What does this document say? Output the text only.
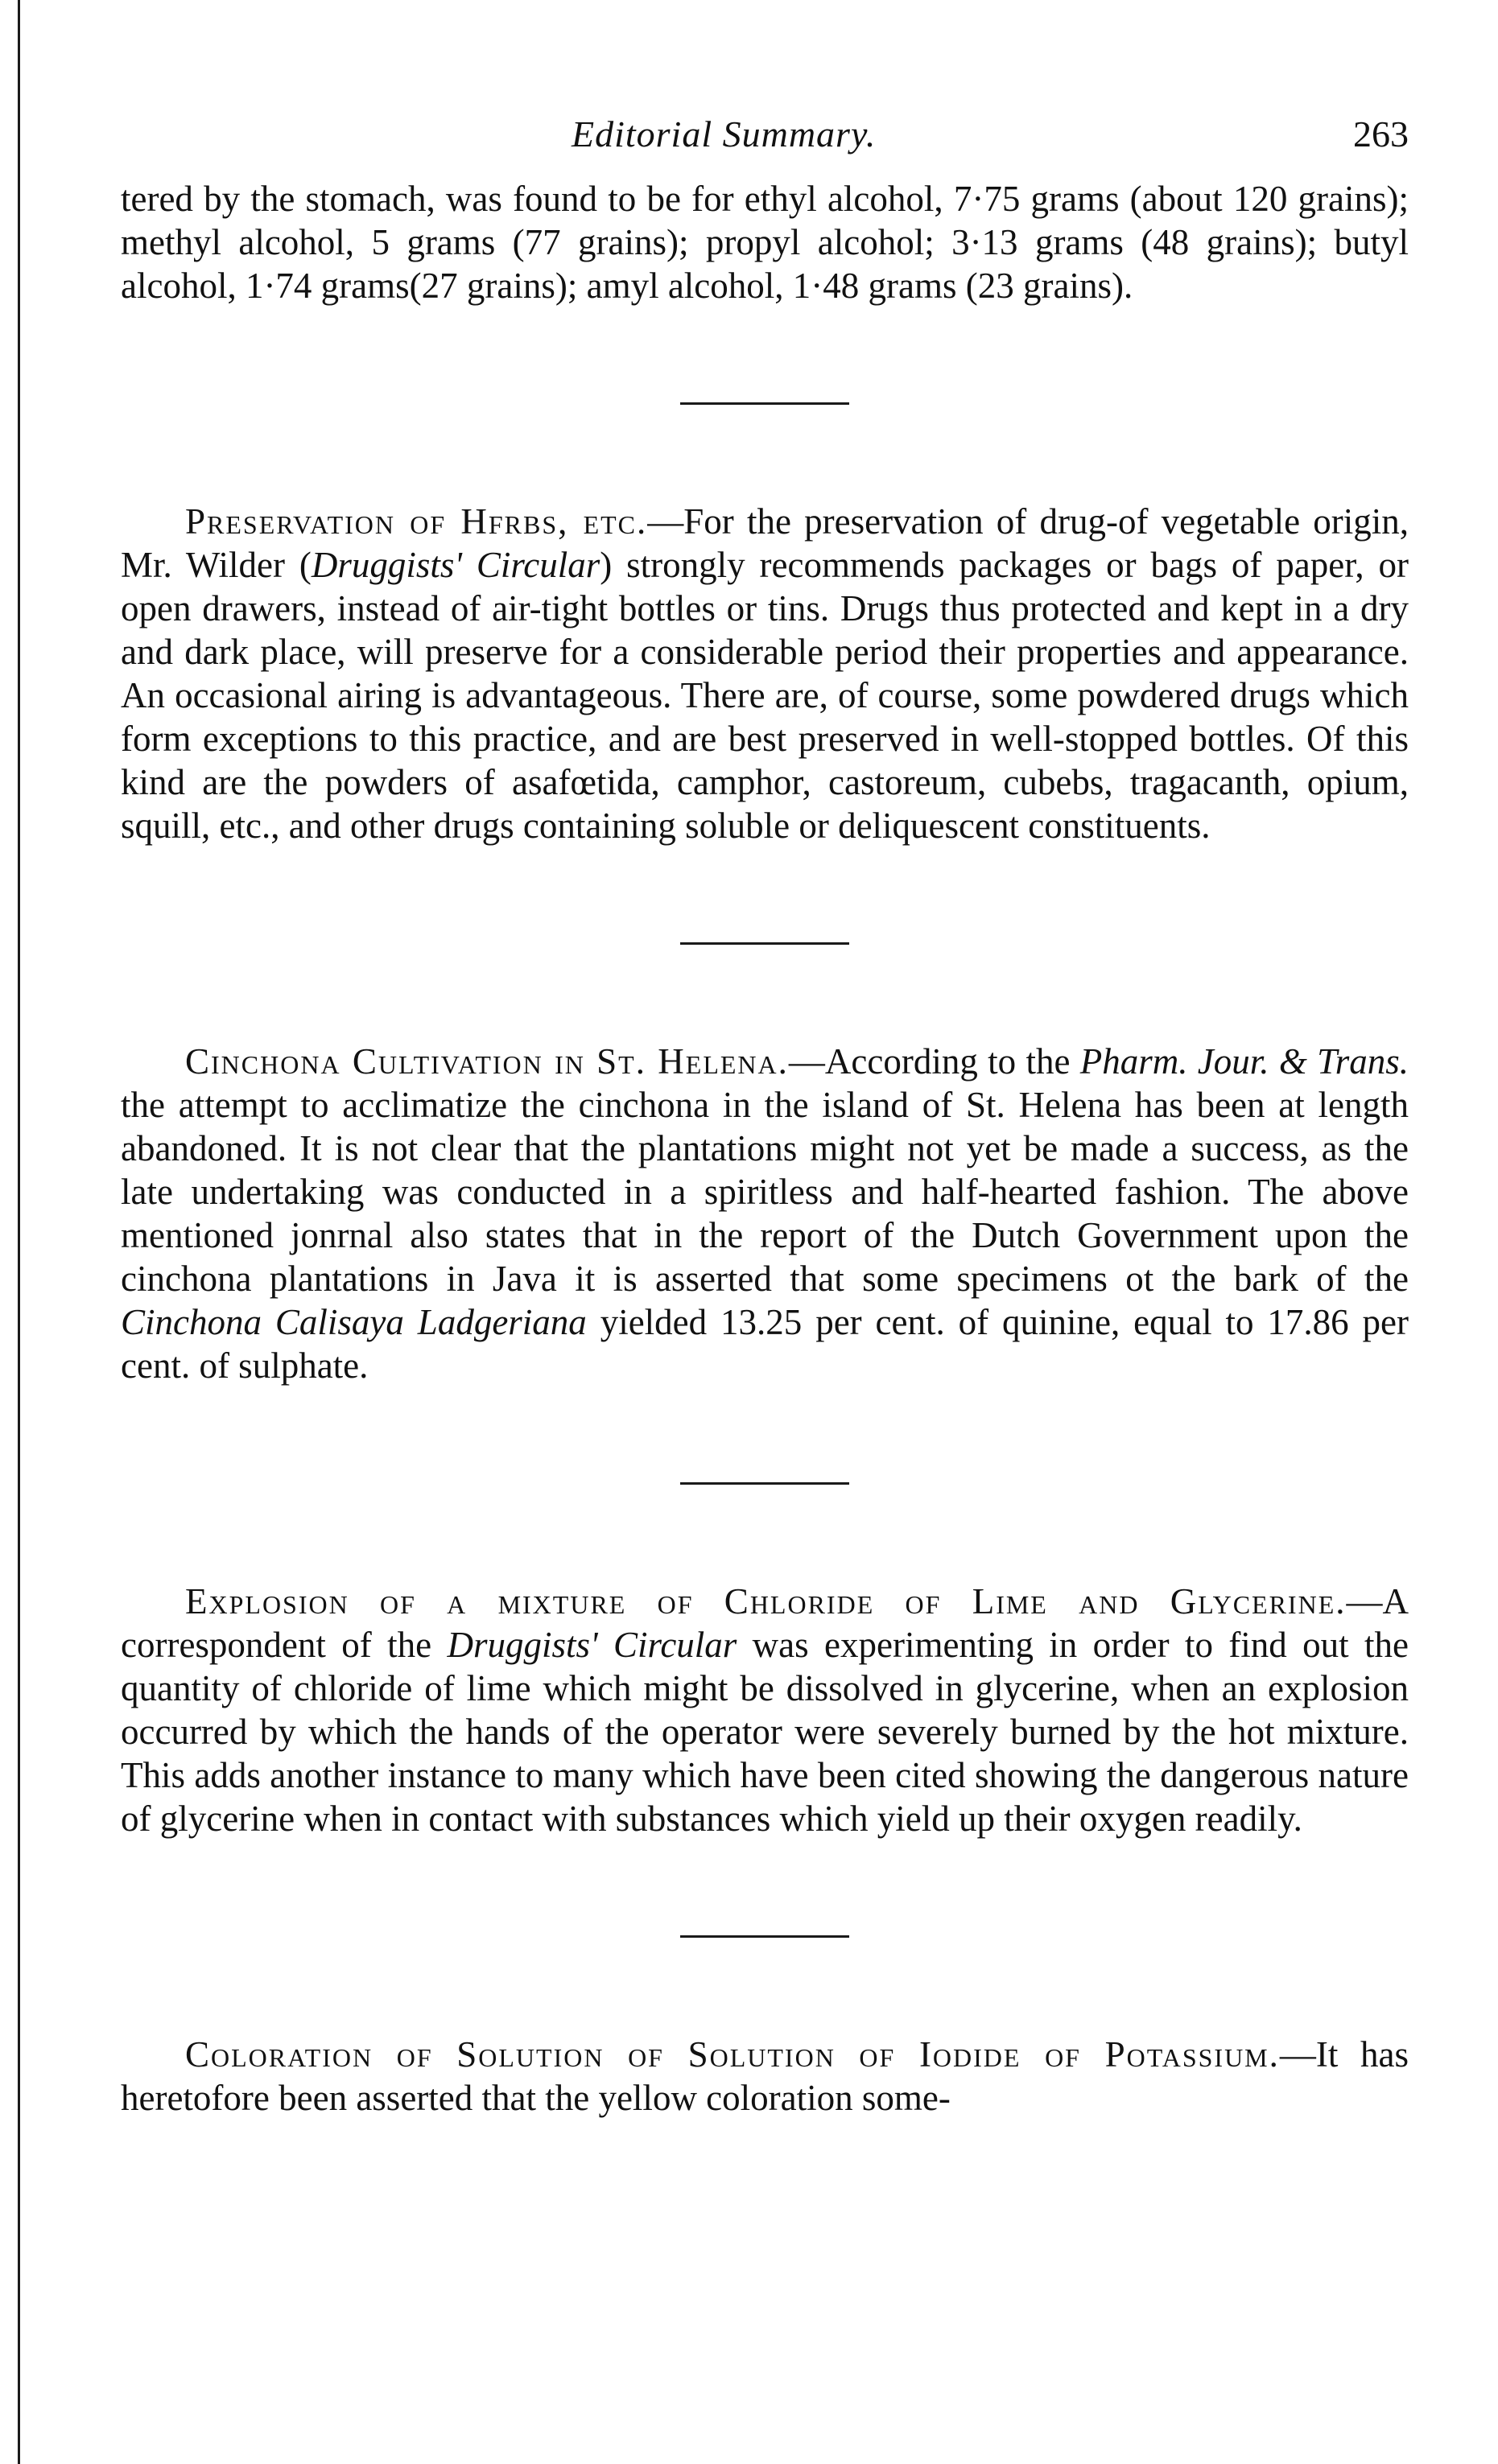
Editorial Summary.	263

tered by the stomach, was found to be for ethyl alcohol, 7·75 grams (about 120 grains); methyl alcohol, 5 grams (77 grains); propyl alcohol; 3·13 grams (48 grains); butyl alcohol, 1·74 grams(27 grains); amyl alcohol, 1·48 grams (23 grains).

Preservation of Hfrbs, etc.—For the preservation of drug-of vegetable origin, Mr. Wilder (Druggists' Circular) strongly recommends packages or bags of paper, or open drawers, instead of air-tight bottles or tins. Drugs thus protected and kept in a dry and dark place, will preserve for a considerable period their properties and appearance. An occasional airing is advantageous. There are, of course, some powdered drugs which form exceptions to this practice, and are best preserved in well-stopped bottles. Of this kind are the powders of asafœtida, camphor, castoreum, cubebs, tragacanth, opium, squill, etc., and other drugs containing soluble or deliquescent constituents.

Cinchona Cultivation in St. Helena.—According to the Pharm. Jour. & Trans. the attempt to acclimatize the cinchona in the island of St. Helena has been at length abandoned. It is not clear that the plantations might not yet be made a success, as the late undertaking was conducted in a spiritless and half-hearted fashion. The above mentioned jonrnal also states that in the report of the Dutch Government upon the cinchona plantations in Java it is asserted that some specimens ot the bark of the Cinchona Calisaya Ladgeriana yielded 13.25 per cent. of quinine, equal to 17.86 per cent. of sulphate.

Explosion of a mixture of Chloride of Lime and Glycerine.—A correspondent of the Druggists' Circular was experimenting in order to find out the quantity of chloride of lime which might be dissolved in glycerine, when an explosion occurred by which the hands of the operator were severely burned by the hot mixture. This adds another instance to many which have been cited showing the dangerous nature of glycerine when in contact with substances which yield up their oxygen readily.

Coloration of Solution of Solution of Iodide of Potassium.—It has heretofore been asserted that the yellow coloration some-
